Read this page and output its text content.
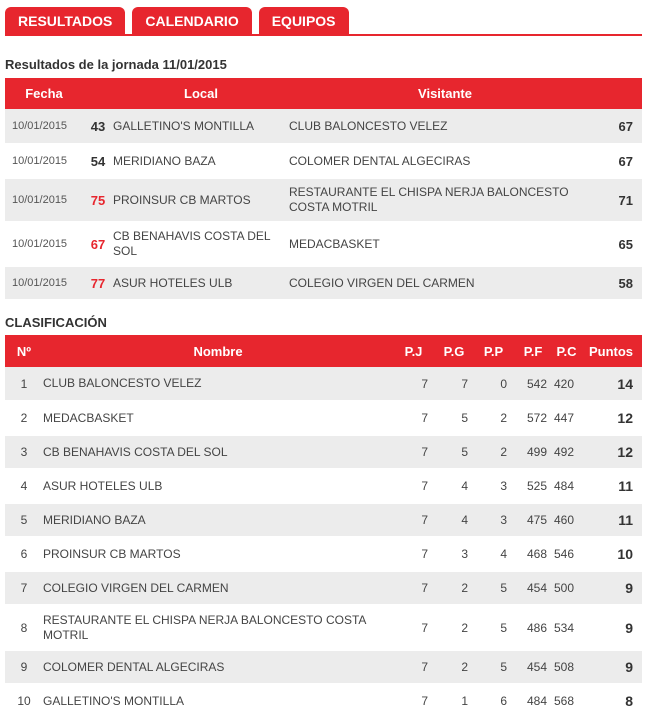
RESULTADOS	CALENDARIO	EQUIPOS
Resultados de la jornada 11/01/2015
Fecha		Local	Visitante	
10/01/2015	43	GALLETINO'S MONTILLA	CLUB BALONCESTO VELEZ	67
10/01/2015	54	MERIDIANO BAZA	COLOMER DENTAL ALGECIRAS	67
10/01/2015	75	PROINSUR CB MARTOS	RESTAURANTE EL CHISPA NERJA BALONCESTO COSTA MOTRIL	71
10/01/2015	67	CB BENAHAVIS COSTA DEL SOL	MEDACBASKET	65
10/01/2015	77	ASUR HOTELES ULB	COLEGIO VIRGEN DEL CARMEN	58
CLASIFICACIÓN
Nº	Nombre	P.J	P.G	P.P	P.F	P.C	Puntos
1	CLUB BALONCESTO VELEZ	7	7	0	542	420	14
2	MEDACBASKET	7	5	2	572	447	12
3	CB BENAHAVIS COSTA DEL SOL	7	5	2	499	492	12
4	ASUR HOTELES ULB	7	4	3	525	484	11
5	MERIDIANO BAZA	7	4	3	475	460	11
6	PROINSUR CB MARTOS	7	3	4	468	546	10
7	COLEGIO VIRGEN DEL CARMEN	7	2	5	454	500	9
8	RESTAURANTE EL CHISPA NERJA BALONCESTO COSTA MOTRIL	7	2	5	486	534	9
9	COLOMER DENTAL ALGECIRAS	7	2	5	454	508	9
10	GALLETINO'S MONTILLA	7	1	6	484	568	8
